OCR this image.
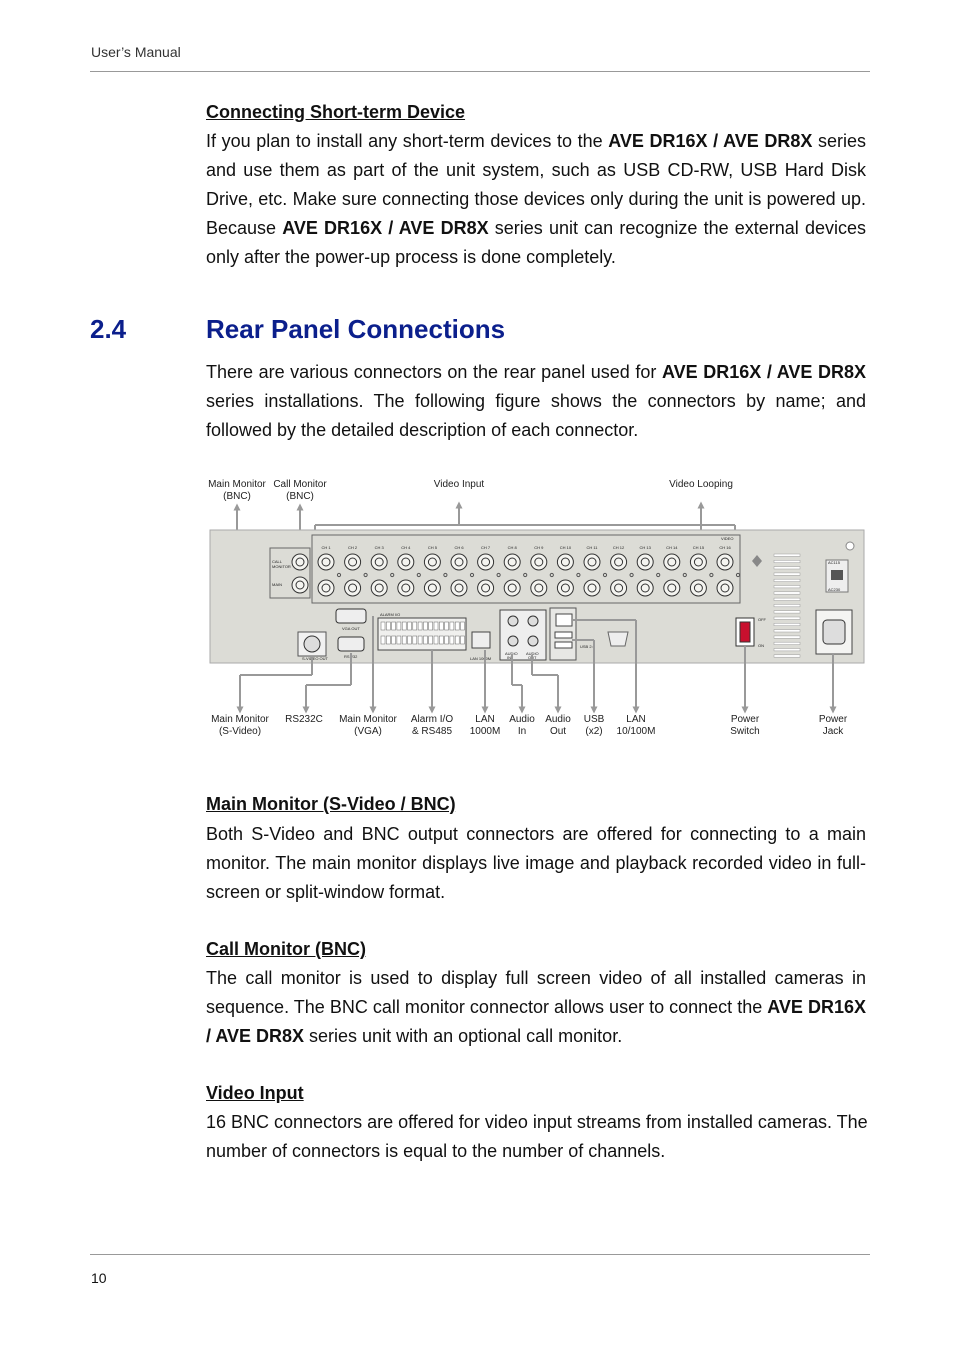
User’s Manual
Connecting Short-term Device

If you plan to install any short-term devices to the AVE DR16X / AVE DR8X series and use them as part of the unit system, such as USB CD-RW, USB Hard Disk Drive, etc. Make sure connecting those devices only during the unit is powered up. Because AVE DR16X / AVE DR8X series unit can recognize the external devices only after the power-up process is done completely.

2.4	Rear Panel Connections

There are various connectors on the rear panel used for AVE DR16X / AVE DR8X series installations. The following figure shows the connectors by name; and followed by the detailed description of each connector.

Main Monitor
(BNC)
Call Monitor
(BNC)
Video Input	Video Looping
CALL
MONITOR
MAIN
VIDEO
CH 1	CH 2	CH 3	CH 4	CH 5	CH 6	CH 7	CH 8	CH 9	CH 10	CH 11	CH 12	CH 13	CH 14	CH 15	CH 16
AC115
AC230
VGA OUT
RS 232
S-VIDEO OUT
ALARM I/O
LAN 1000M
AUDIO AUDIO
IN	OUT
USB 2.0
OFF
ON
Main Monitor
(S-Video)
RS232C Main Monitor
(VGA)
Alarm I/O
& RS485
LAN
1000M
Audio
In
Audio
Out
USB
(x2)
LAN
10/100M
Power
Switch
Power
Jack
Main Monitor (S-Video / BNC)

Both S-Video and BNC output connectors are offered for connecting to a main monitor. The main monitor displays live image and playback recorded video in full-screen or split-window format.

Call Monitor (BNC)

The call monitor is used to display full screen video of all installed cameras in sequence. The BNC call monitor connector allows user to connect the AVE DR16X / AVE DR8X series unit with an optional call monitor.

Video Input

16 BNC connectors are offered for video input streams from installed cameras. The number of connectors is equal to the number of channels.

10
